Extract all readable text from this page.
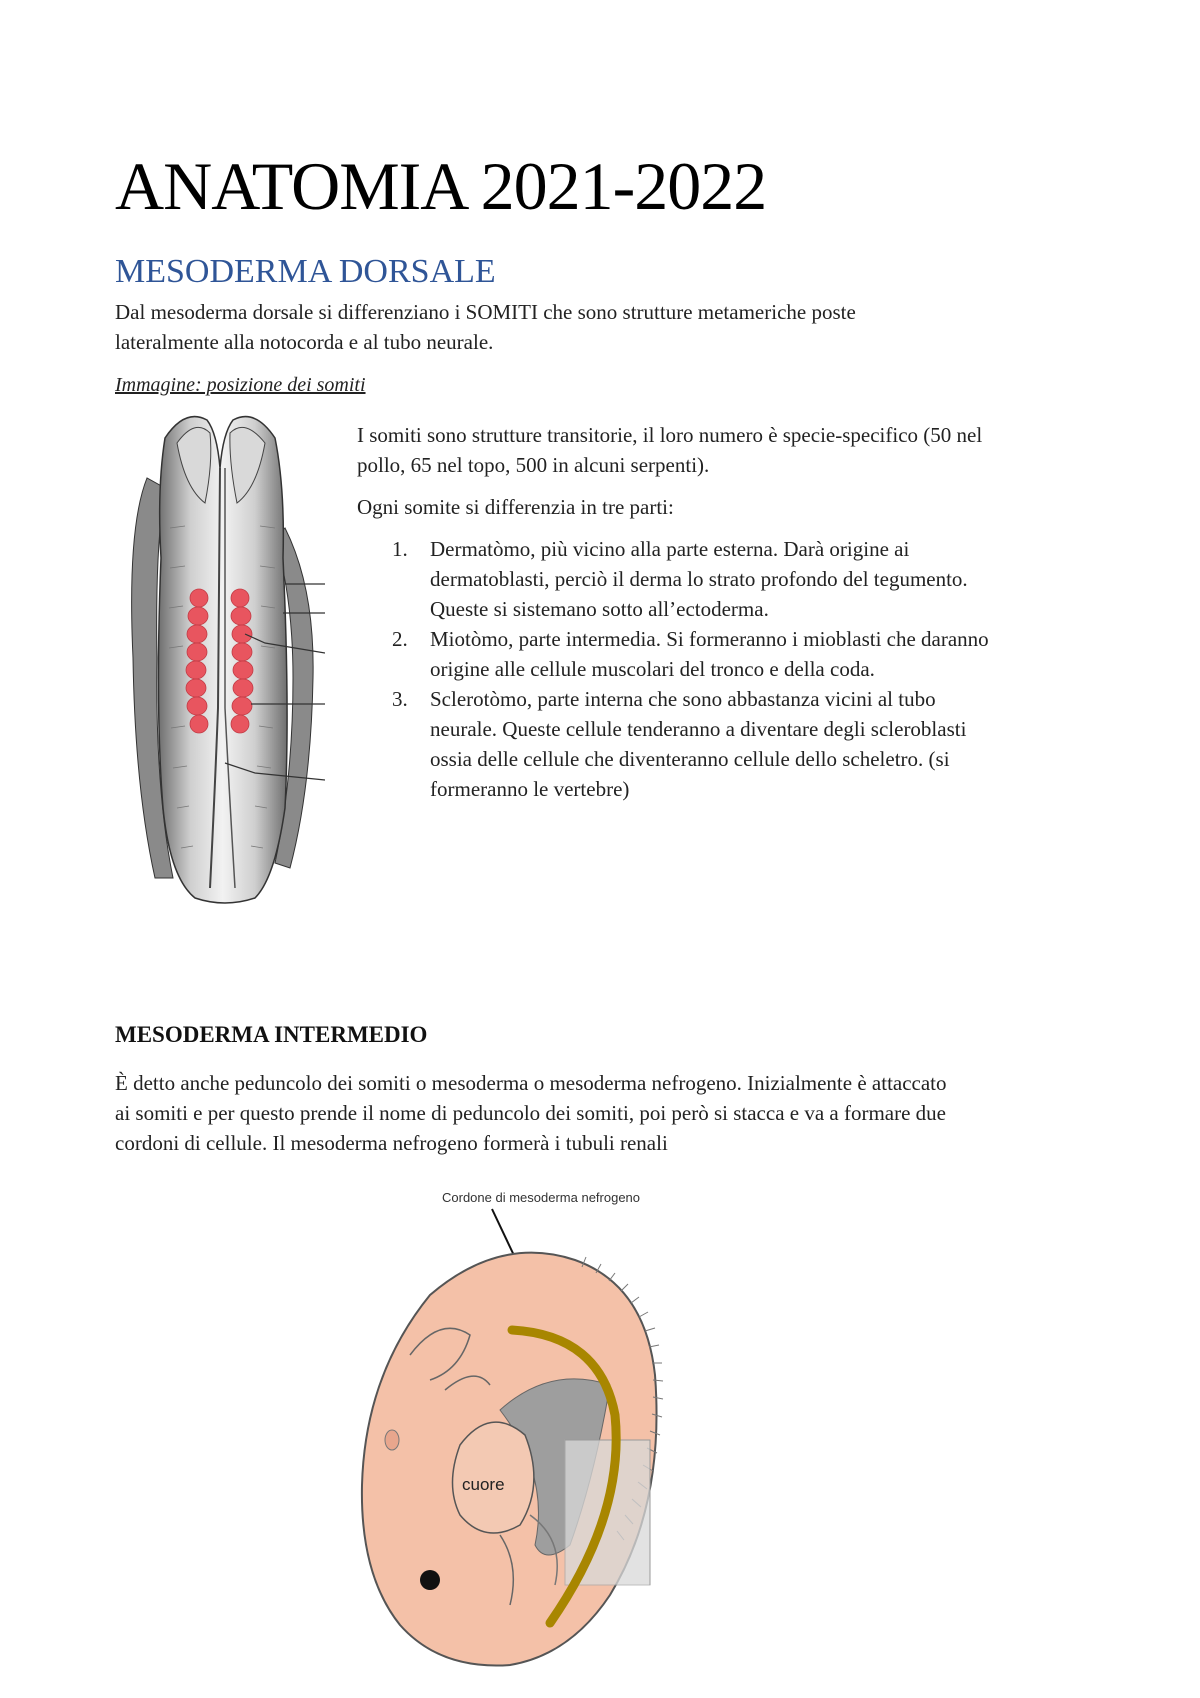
ANATOMIA 2021-2022
MESODERMA DORSALE

Dal mesoderma dorsale si differenziano i SOMITI che sono strutture metameriche poste
lateralmente alla notocorda e al tubo neurale.

Immagine: posizione dei somiti

I somiti sono strutture transitorie, il loro numero è specie-specifico (50 nel
pollo, 65 nel topo, 500 in alcuni serpenti).

Ogni somite si differenzia in tre parti:

1. Dermatòmo, più vicino alla parte esterna. Darà origine ai
dermatoblasti, perciò il derma lo strato profondo del tegumento.
Queste si sistemano sotto all’ectoderma.
2. Miotòmo, parte intermedia. Si formeranno i mioblasti che daranno
origine alle cellule muscolari del tronco e della coda.
3. Sclerotòmo, parte interna che sono abbastanza vicini al tubo
neurale. Queste cellule tenderanno a diventare degli scleroblasti
ossia delle cellule che diventeranno cellule dello scheletro. (si
formeranno le vertebre)
MESODERMA INTERMEDIO

È detto anche peduncolo dei somiti o mesoderma o mesoderma nefrogeno. Inizialmente è attaccato
ai somiti e per questo prende il nome di peduncolo dei somiti, poi però si stacca e va a formare due
cordoni di cellule. Il mesoderma nefrogeno formerà i tubuli renali

Cordone di mesoderma nefrogeno
cuore
